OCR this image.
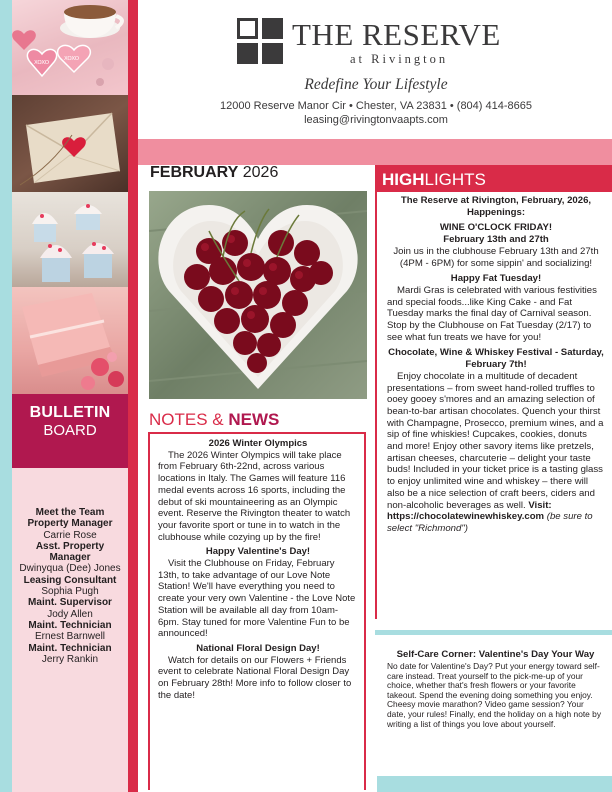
XOXO
XOXO
BULLETIN
BOARD
Meet the Team
Property Manager
Carrie Rose
Asst. Property Manager
Dwinyqua (Dee) Jones
Leasing Consultant
Sophia Pugh
Maint. Supervisor
Jody Allen
Maint. Technician
Ernest Barnwell
Maint. Technician
Jerry Rankin
THE RESERVE
at Rivington
Redefine Your Lifestyle
12000 Reserve Manor Cir • Chester, VA 23831 • (804) 414-8665
leasing@rivingtonvaapts.com
FEBRUARY 2026
NOTES & NEWS
2026 Winter Olympics

The 2026 Winter Olympics will take place from February 6th-22nd, across various locations in Italy. The Games will feature 116 medal events across 16 sports, including the debut of ski mountaineering as an Olympic event. Reserve the Rivington theater to watch your favorite sport or tune in to watch in the clubhouse while cozying up by the fire!

Happy Valentine's Day!

Visit the Clubhouse on Friday, February 13th, to take advantage of our Love Note Station! We'll have everything you need to create your very own Valentine - the Love Note Station will be available all day from 10am-6pm. Stay tuned for more Valentine Fun to be announced!

National Floral Design Day!

Watch for details on our Flowers + Friends event to celebrate National Floral Design Day on February 28th! More info to follow closer to the date!

HIGHLIGHTS
The Reserve at Rivington, February, 2026, Happenings:
WINE O'CLOCK FRIDAY!
February 13th and 27th
Join us in the clubhouse February 13th and 27th (4PM - 6PM) for some sippin' and socializing!
Happy Fat Tuesday!

Mardi Gras is celebrated with various festivities and special foods...like King Cake - and Fat Tuesday marks the final day of Carnival season. Stop by the Clubhouse on Fat Tuesday (2/17) to see what fun treats we have for you!

Chocolate, Wine & Whiskey Festival - Saturday, February 7th!

Enjoy chocolate in a multitude of decadent presentations – from sweet hand-rolled truffles to ooey gooey s'mores and an amazing selection of bean-to-bar artisan chocolates. Quench your thirst with Champagne, Prosecco, premium wines, and a sip of fine whiskies! Cupcakes, cookies, donuts and more! Enjoy other savory items like pretzels, artisan cheeses, charcuterie – delight your taste buds! Included in your ticket price is a tasting glass to enjoy unlimited wine and whiskey – there will also be a nice selection of craft beers, ciders and non-alcoholic beverages as well. Visit:

https://chocolatewinewhiskey.com (be sure to select "Richmond")
Self-Care Corner: Valentine's Day Your Way
No date for Valentine's Day? Put your energy toward self-care instead. Treat yourself to the pick-me-up of your choice, whether that's fresh flowers or your favorite takeout. Spend the evening doing something you enjoy. Cheesy movie marathon? Video game session? Your date, your rules! Finally, end the holiday on a high note by writing a list of things you love about yourself.
